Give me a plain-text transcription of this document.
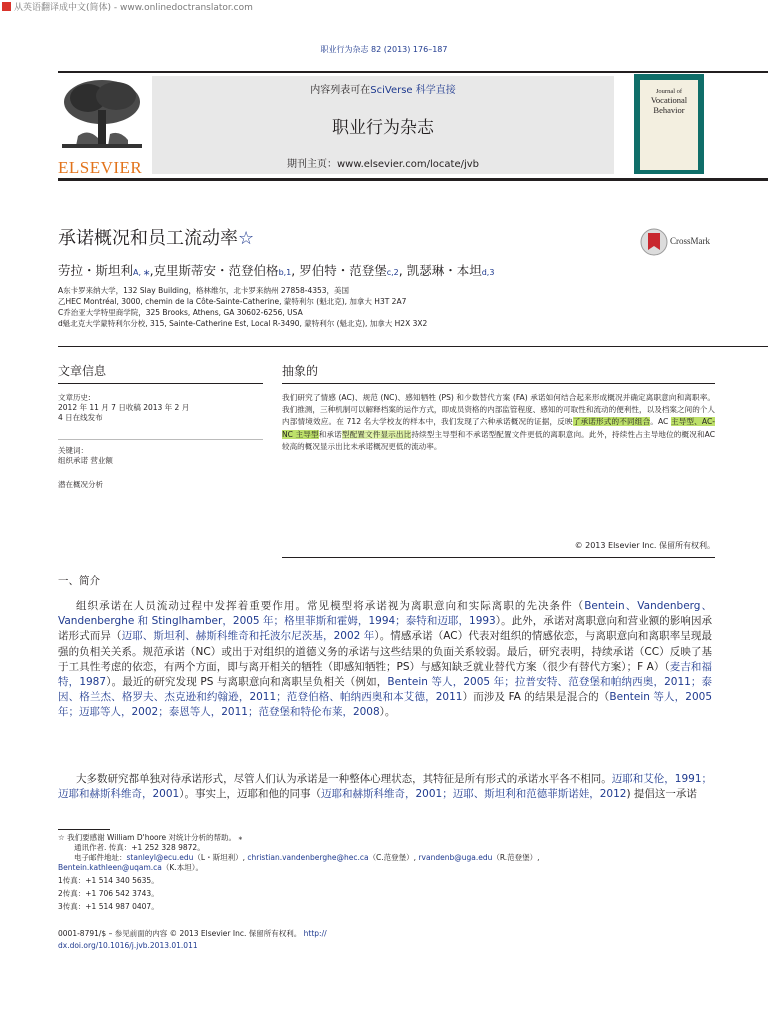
从英语翻译成中文(简体) - www.onlinedoctranslator.com
职业行为杂志 82 (2013) 176–187
ELSEVIER
内容列表可在SciVerse 科学直接
职业行为杂志
期刊主页：www.elsevier.com/locate/jvb
Journal of
Vocational
Behavior
承诺概况和员工流动率☆	CrossMark
劳拉・斯坦利A, ⁎,克里斯蒂安・范登伯格b,1, 罗伯特・范登堡c,2, 凯瑟琳・本坦d,3
A东卡罗来纳大学，132 Slay Building，格林维尔，北卡罗来纳州 27858-4353，美国
乙HEC Montréal, 3000, chemin de la Côte-Sainte-Catherine, 蒙特利尔 (魁北克), 加拿大 H3T 2A7
C乔治亚大学特里商学院，325 Brooks, Athens, GA 30602-6256, USA
d魁北克大学蒙特利尔分校, 315, Sainte-Catherine Est, Local R-3490, 蒙特利尔 (魁北克), 加拿大 H2X 3X2
文章信息
文章历史:
2012 年 11 月 7 日收稿 2013 年 2 月
4 日在线发布
关键词：
组织承诺 营业额
潜在概况分析
抽象的
我们研究了情感 (AC)、规范 (NC)、感知牺牲 (PS) 和少数替代方案 (FA) 承诺如何结合起来形成概况并确定离职意向和离职率。我们推测，三种机制可以解释档案的运作方式，即成员资格的内部监管程度、感知的可取性和流动的便利性，以及档案之间的个人内部情境效应。在 712 名大学校友的样本中，我们发现了六种承诺概况的证据，反映了承诺形式的不同组合。AC 主导型、AC-NC 主导型和承诺型配置文件显示出比持续型主导型和不承诺型配置文件更低的离职意向。此外，持续性占主导地位的概况和AC较高的概况显示出比未承诺概况更低的流动率。
© 2013 Elsevier Inc. 保留所有权利。
一、简介
组织承诺在人员流动过程中发挥着重要作用。常见模型将承诺视为离职意向和实际离职的先决条件（Bentein、Vandenberg、Vandenberghe 和 Stinglhamber，2005 年；格里菲斯和霍姆，1994；泰特和迈耶，1993）。此外，承诺对离职意向和营业额的影响因承诺形式而异（迈耶、斯坦利、赫斯科维奇和托波尔尼茨基，2002 年）。情感承诺（AC）代表对组织的情感依恋，与离职意向和离职率呈现最强的负相关关系。规范承诺（NC）或出于对组织的道德义务的承诺与这些结果的负面关系较弱。最后，研究表明，持续承诺（CC）反映了基于工具性考虑的依恋，有两个方面，即与离开相关的牺牲（即感知牺牲；PS）与感知缺乏就业替代方案（很少有替代方案）；F A）（麦吉和福特，1987）。最近的研究发现 PS 与离职意向和离职呈负相关（例如，Bentein 等人，2005 年；拉普安特、范登堡和帕纳西奥，2011；泰因、格兰杰、格罗夫、杰克逊和约翰逊，2011；范登伯格、帕纳西奥和本艾德，2011）而涉及 FA 的结果是混合的（Bentein 等人，2005 年；迈耶等人，2002；泰恩等人，2011；范登堡和特伦布莱，2008）。
大多数研究都单独对待承诺形式，尽管人们认为承诺是一种整体心理状态，其特征是所有形式的承诺水平各不相同。迈耶和艾伦，1991；迈耶和赫斯科维奇，2001）。事实上，迈耶和他的同事（迈耶和赫斯科维奇，2001；迈耶、斯坦利和范德菲斯诺娃，2012) 提倡这一承诺
☆ 我们要感谢 William D'hoore 对统计分析的帮助。 ⁎
通讯作者. 传真：+1 252 328 9872。
电子邮件地址：stanleyl@ecu.edu（L・斯坦利）, christian.vandenberghe@hec.ca（C.范登堡）, rvandenb@uga.edu（R.范登堡）,
Bentein.kathleen@uqam.ca（K.本坦）。
1传真：+1 514 340 5635。
2传真：+1 706 542 3743。
3传真：+1 514 987 0407。
0001-8791/$ – 参见前面的内容 © 2013 Elsevier Inc. 保留所有权利。 http://
dx.doi.org/10.1016/j.jvb.2013.01.011
